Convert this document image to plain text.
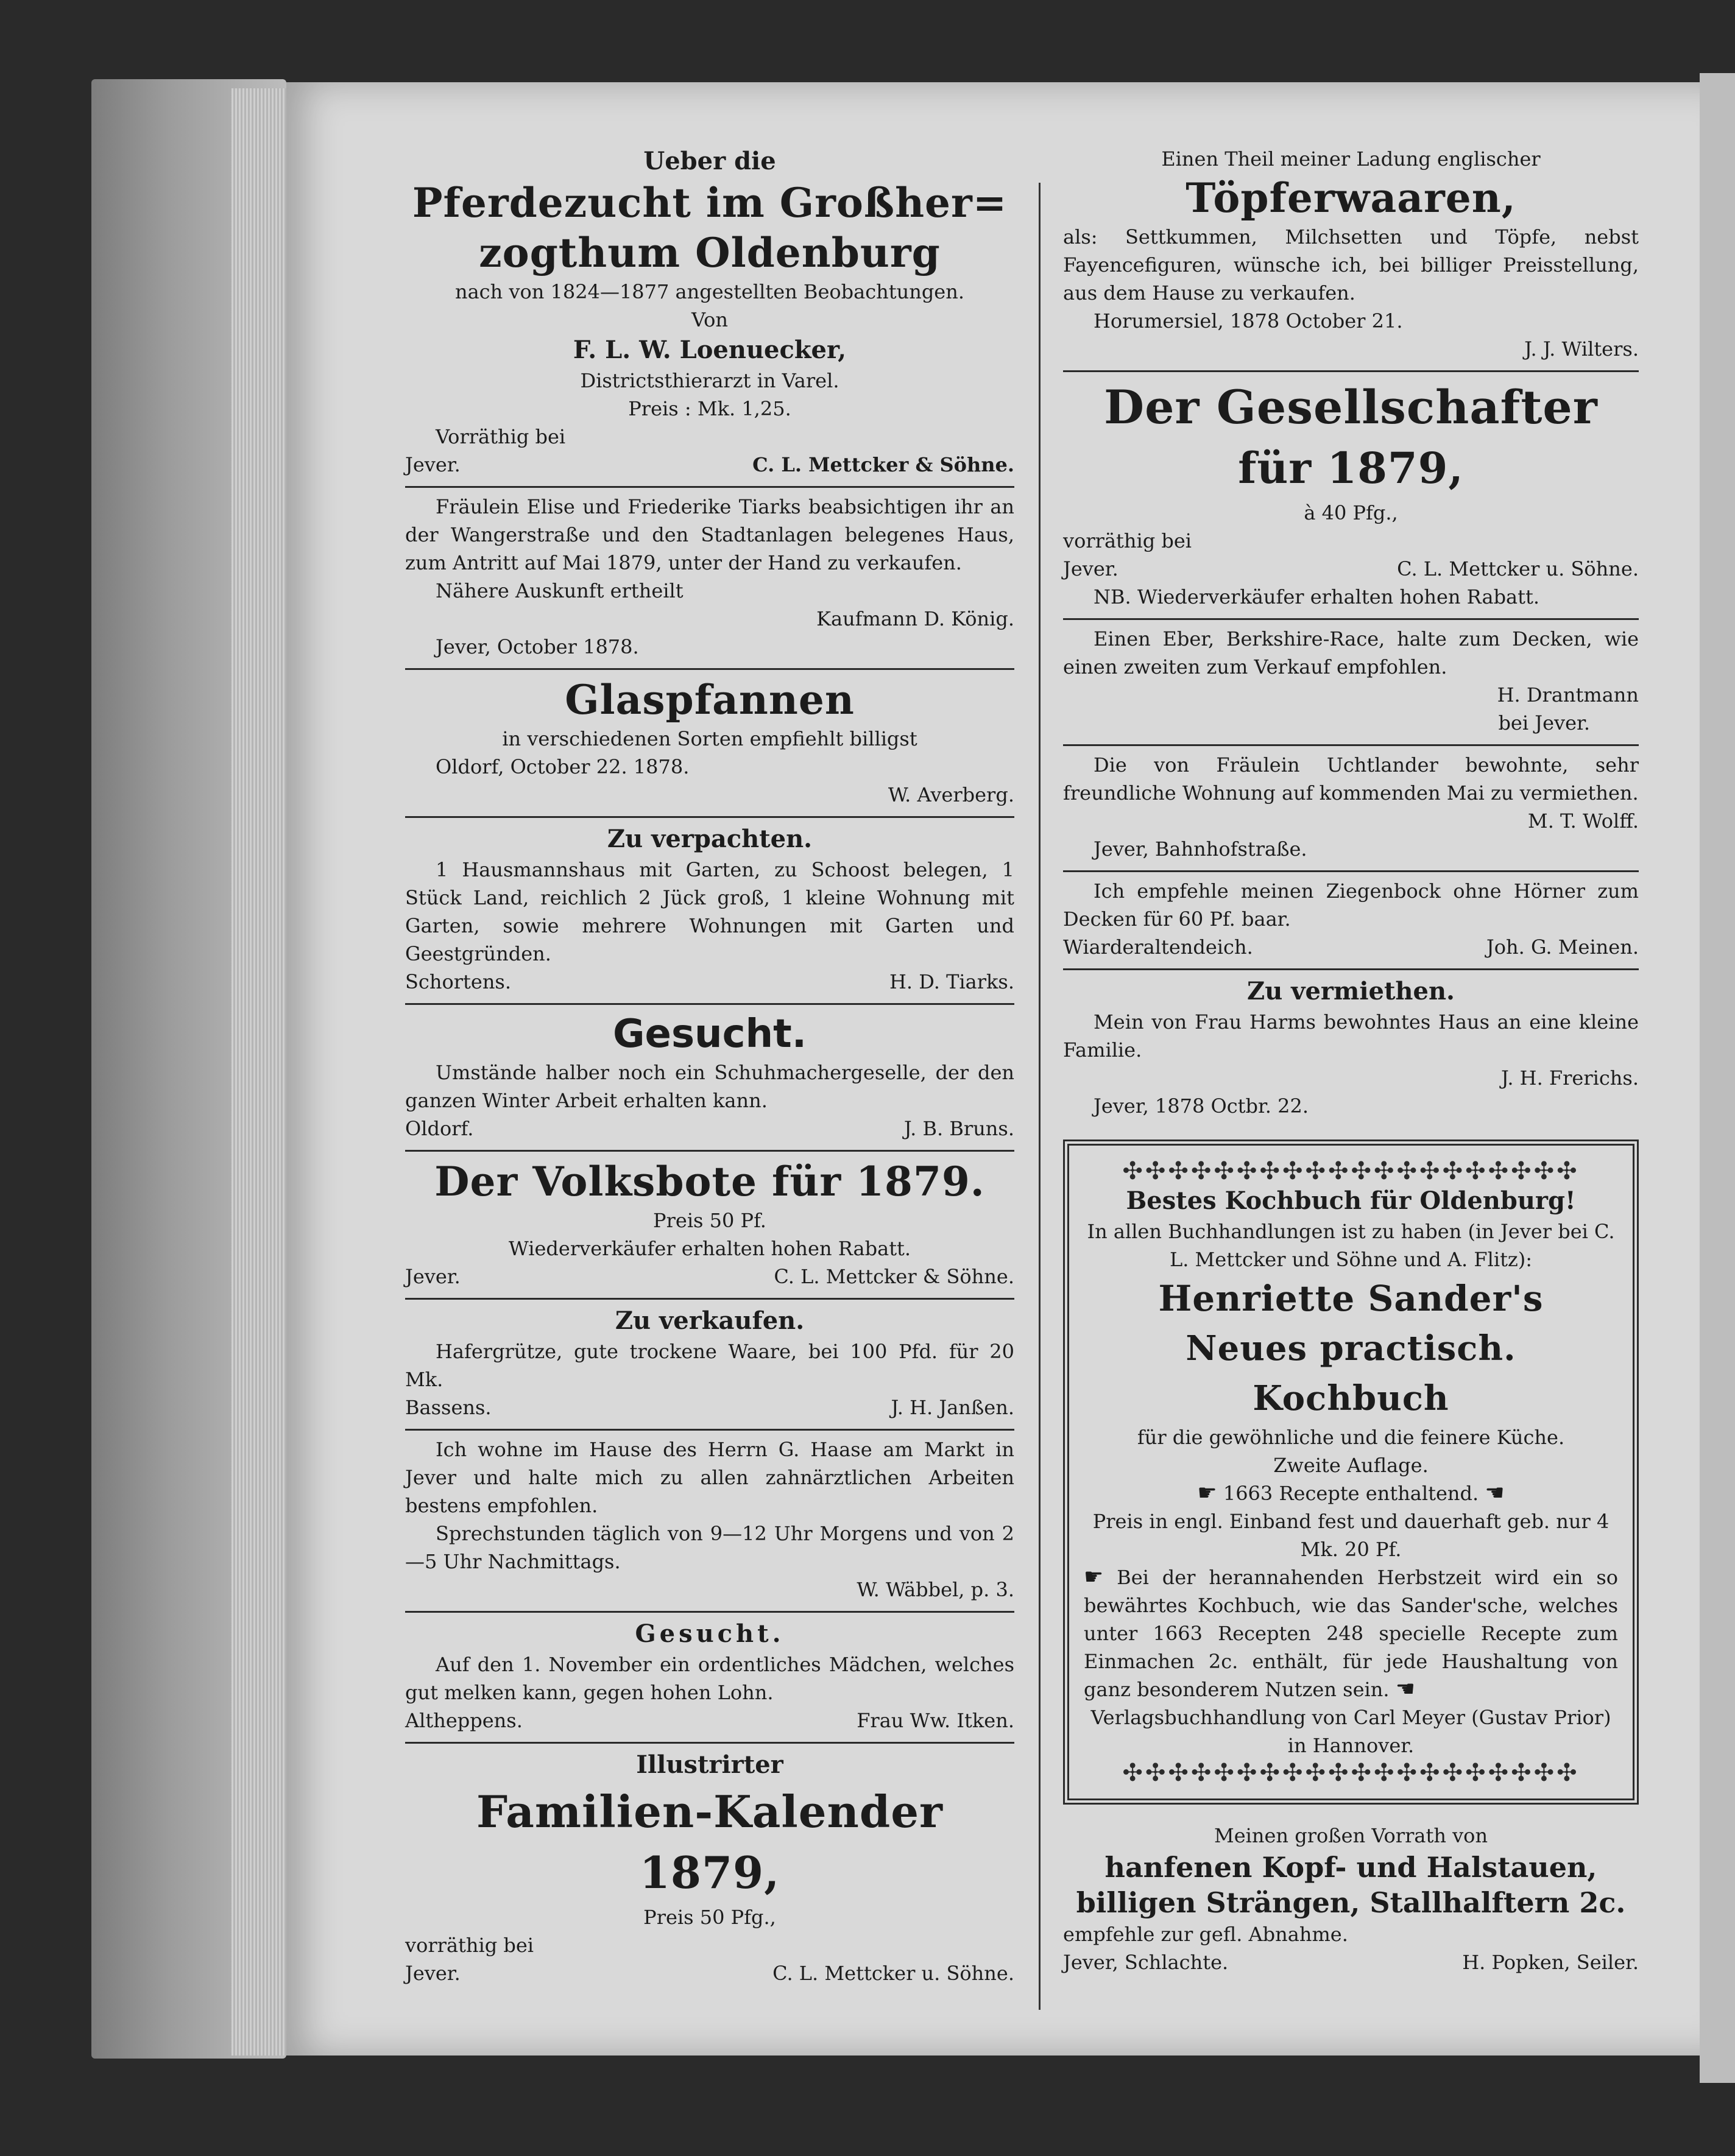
Ueber die
Pferdezucht im Großher=
zogthum Oldenburg
nach von 1824—1877 angestellten Beobachtungen.
Von
F. L. W. Loenuecker,
Districtsthierarzt in Varel.
Preis : Mk. 1,25.
Vorräthig bei
Jever.	C. L. Mettcker & Söhne.
Fräulein Elise und Friederike Tiarks beabsichtigen ihr an der Wangerstraße und den Stadtanlagen belegenes Haus, zum Antritt auf Mai 1879, unter der Hand zu verkaufen.
Nähere Auskunft ertheilt
Kaufmann D. König.
Jever, October 1878.
Glaspfannen
in verschiedenen Sorten empfiehlt billigst
Oldorf, October 22. 1878.
W. Averberg.
Zu verpachten.
1 Hausmannshaus mit Garten, zu Schoost belegen, 1 Stück Land, reichlich 2 Jück groß, 1 kleine Wohnung mit Garten, sowie mehrere Wohnungen mit Garten und Geestgründen.
Schortens.	H. D. Tiarks.
Gesucht.
Umstände halber noch ein Schuhmachergeselle, der den ganzen Winter Arbeit erhalten kann.
Oldorf.	J. B. Bruns.
Der Volksbote für 1879.
Preis 50 Pf.
Wiederverkäufer erhalten hohen Rabatt.
Jever.	C. L. Mettcker & Söhne.
Zu verkaufen.
Hafergrütze, gute trockene Waare, bei 100 Pfd. für 20 Mk.
Bassens.	J. H. Janßen.
Ich wohne im Hause des Herrn G. Haase am Markt in Jever und halte mich zu allen zahnärztlichen Arbeiten bestens empfohlen.
Sprechstunden täglich von 9—12 Uhr Morgens und von 2—5 Uhr Nachmittags.
W. Wäbbel, p. 3.
Gesucht.
Auf den 1. November ein ordentliches Mädchen, welches gut melken kann, gegen hohen Lohn.
Altheppens.	Frau Ww. Itken.
Illustrirter
Familien-Kalender 1879,
Preis 50 Pfg.,
vorräthig bei
Jever.	C. L. Mettcker u. Söhne.
Einen Theil meiner Ladung englischer
Töpferwaaren,
als: Settkummen, Milchsetten und Töpfe, nebst Fayencefiguren, wünsche ich, bei billiger Preisstellung, aus dem Hause zu verkaufen.
Horumersiel, 1878 October 21.
J. J. Wilters.
Der Gesellschafter
für 1879,
à 40 Pfg.,
vorräthig bei
Jever.	C. L. Mettcker u. Söhne.
NB. Wiederverkäufer erhalten hohen Rabatt.
Einen Eber, Berkshire-Race, halte zum Decken, wie einen zweiten zum Verkauf empfohlen.
H. Drantmann
bei Jever.
Die von Fräulein Uchtlander bewohnte, sehr freundliche Wohnung auf kommenden Mai zu vermiethen.
M. T. Wolff.
Jever, Bahnhofstraße.
Ich empfehle meinen Ziegenbock ohne Hörner zum Decken für 60 Pf. baar.
Wiarderaltendeich.	Joh. G. Meinen.
Zu vermiethen.
Mein von Frau Harms bewohntes Haus an eine kleine Familie.
J. H. Frerichs.
Jever, 1878 Octbr. 22.
✣✣✣✣✣✣✣✣✣✣✣✣✣✣✣✣✣✣✣✣
Bestes Kochbuch für Oldenburg!
In allen Buchhandlungen ist zu haben (in Jever bei C. L. Mettcker und Söhne und A. Flitz):
Henriette Sander's
Neues practisch. Kochbuch
für die gewöhnliche und die feinere Küche.
Zweite Auflage.
☛ 1663 Recepte enthaltend. ☚
Preis in engl. Einband fest und dauerhaft geb. nur 4 Mk. 20 Pf.
☛ Bei der herannahenden Herbstzeit wird ein so bewährtes Kochbuch, wie das Sander'sche, welches unter 1663 Recepten 248 specielle Recepte zum Einmachen 2c. enthält, für jede Haushaltung von ganz besonderem Nutzen sein. ☚
Verlagsbuchhandlung von Carl Meyer (Gustav Prior) in Hannover.
✣✣✣✣✣✣✣✣✣✣✣✣✣✣✣✣✣✣✣✣
Meinen großen Vorrath von
hanfenen Kopf- und Halstauen, billigen Strängen, Stallhalftern 2c.
empfehle zur gefl. Abnahme.
Jever, Schlachte.	H. Popken, Seiler.
